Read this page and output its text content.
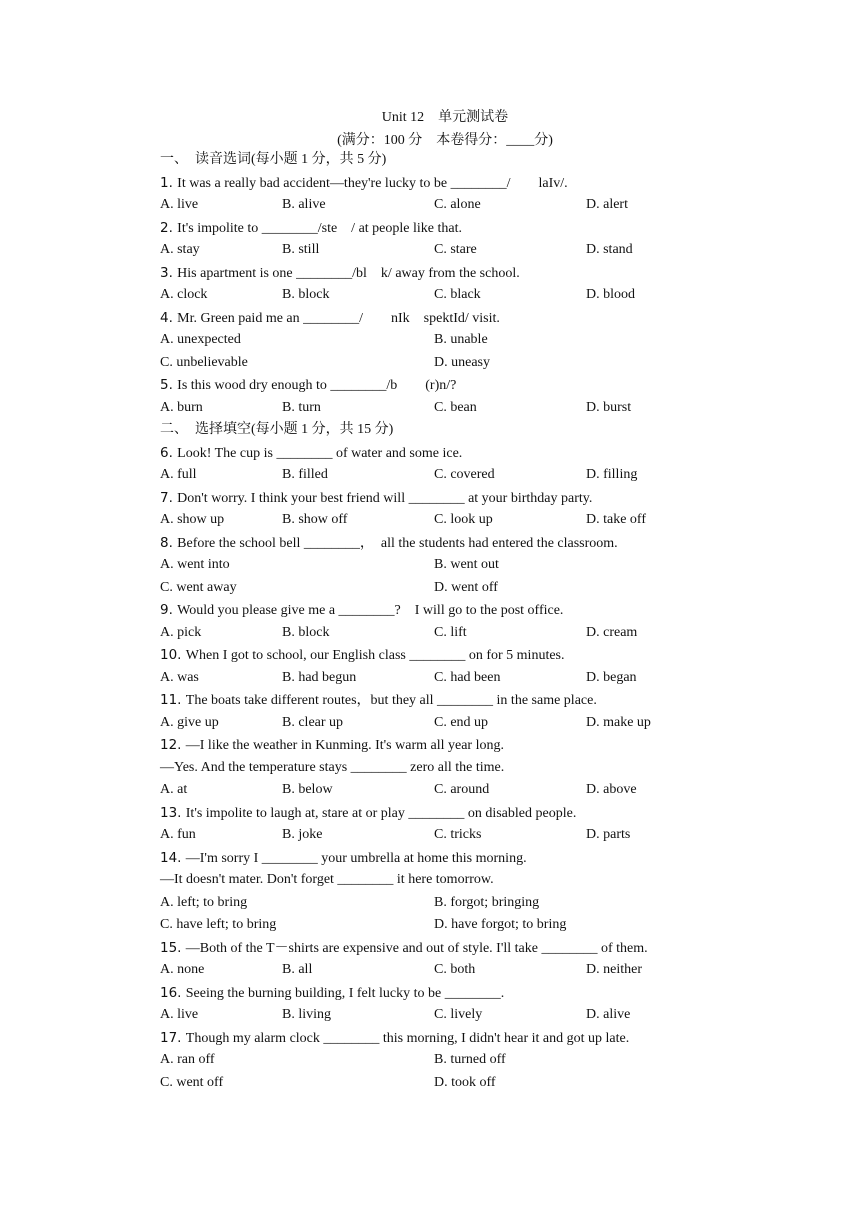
Unit 12　单元测试卷
(满分：100 分　本卷得分：____分)
一、　读音选词(每小题 1 分，共 5 分)
1. It was a really bad accident—they're lucky to be ________/　　laIv/.
A. live	B. alive	C. alone	D. alert
2. It's impolite to ________/ste　/ at people like that.
A. stay	B. still	C. stare	D. stand
3. His apartment is one ________/bl　k/ away from the school.
A. clock	B. block	C. black	D. blood
4. Mr. Green paid me an ________/　　nIk　spektId/ visit.
A. unexpected	B. unable
C. unbelievable	D. uneasy
5. Is this wood dry enough to ________/b　　(r)n/?
A. burn	B. turn	C. bean	D. burst
二、　选择填空(每小题 1 分，共 15 分)
6. Look! The cup is ________ of water and some ice.
A. full	B. filled	C. covered	D. filling
7. Don't worry. I think your best friend will ________ at your birthday party.
A. show up	B. show off	C. look up	D. take off
8. Before the school bell ________，　all the students had entered the classroom.
A. went into	B. went out
C. went away	D. went off
9. Would you please give me a ________?　I will go to the post office.
A. pick	B. block	C. lift	D. cream
10. When I got to school, our English class ________ on for 5 minutes.
A. was	B. had begun	C. had been	D. began
11. The boats take different routes，but they all ________ in the same place.
A. give up	B. clear up	C. end up	D. make up
12. —I like the weather in Kunming. It's warm all year long.
—Yes. And the temperature stays ________ zero all the time.
A. at	B. below	C. around	D. above
13. It's impolite to laugh at, stare at or play ________ on disabled people.
A. fun	B. joke	C. tricks	D. parts
14. —I'm sorry I ________ your umbrella at home this morning.
—It doesn't mater. Don't forget ________ it here tomorrow.
A. left; to bring	B. forgot; bringing
C. have left; to bring	D. have forgot; to bring
15. —Both of the T－shirts are expensive and out of style. I'll take ________ of them.
A. none	B. all	C. both	D. neither
16. Seeing the burning building, I felt lucky to be ________.
A. live	B. living	C. lively	D. alive
17. Though my alarm clock ________ this morning, I didn't hear it and got up late.
A. ran off	B. turned off
C. went off	D. took off
